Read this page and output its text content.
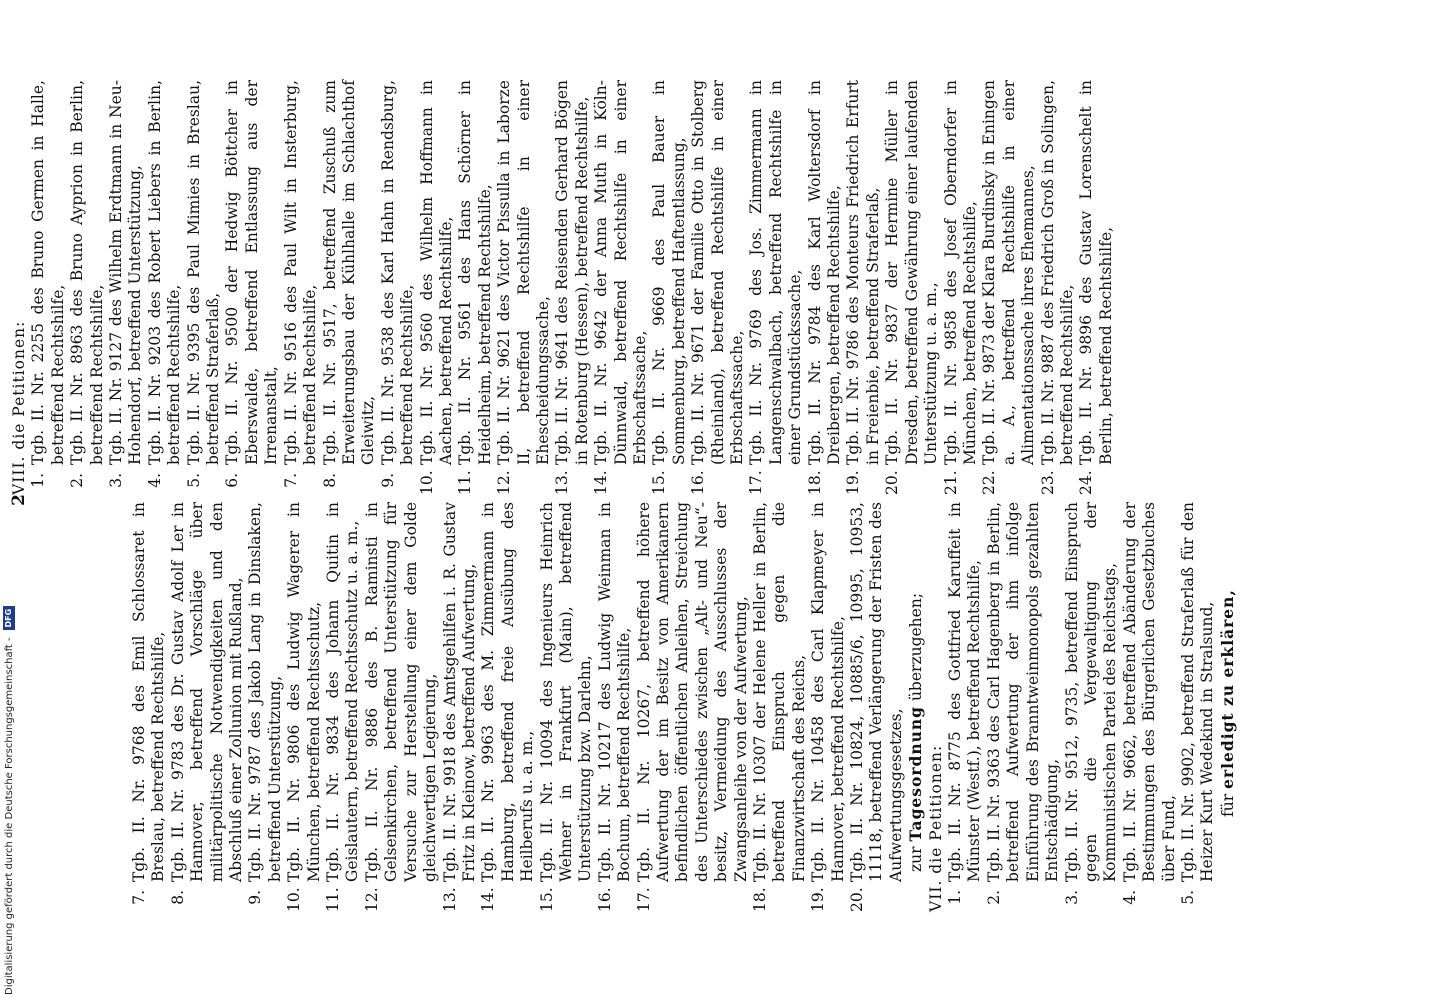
7.
Tgb. II. Nr. 9768 des Emil Schlossaret in Breslau, betreffend Rechtshilfe,

8.
Tgb. II. Nr. 9783 des Dr. Gustav Adolf Ler in Hannover, betreffend Vorschläge über militärpolitische Notwendigkeiten und den Abschluß einer Zollunion mit Rußland,

9.
Tgb. II. Nr. 9787 des Jakob Lang in Dinslaken, betreffend Unterstützung,

10.
Tgb. II. Nr. 9806 des Ludwig Wagerer in München, betreffend Rechtsschutz,

11.
Tgb. II. Nr. 9834 des Johann Quitin in Geislautern, betreffend Rechtsschutz u. a. m.,

12.
Tgb. II. Nr. 9886 des B. Raminsti in Gelsenkirchen, betreffend Unterstützung für Versuche zur Herstellung einer dem Golde gleichwertigen Legierung,

13.
Tgb. II. Nr. 9918 des Amtsgehilfen i. R. Gustav Fritz in Kleinow, betreffend Aufwertung,

14.
Tgb. II. Nr. 9963 des M. Zimmermann in Hamburg, betreffend freie Ausübung des Heilberufs u. a. m.,

15.
Tgb. II. Nr. 10094 des Ingenieurs Heinrich Wehner in Frankfurt (Main), betreffend Unterstützung bzw. Darlehn,

16.
Tgb. II. Nr. 10217 des Ludwig Weinman in Bochum, betreffend Rechtshilfe,

17.
Tgb. II. Nr. 10267, betreffend höhere Aufwertung der im Besitz von Amerikanern befindlichen öffentlichen Anleihen, Streichung des Unterschiedes zwischen „Alt- und Neu“-besitz, Vermeidung des Ausschlusses der Zwangsanleihe von der Aufwertung,

18.
Tgb. II. Nr. 10307 der Helene Heller in Berlin, betreffend Einspruch gegen die Finanzwirtschaft des Reichs,

19.
Tgb. II. Nr. 10458 des Carl Klapmeyer in Hannover, betreffend Rechtshilfe,

20.
Tgb. II. Nr. 10824, 10885/6, 10995, 10953, 11118, betreffend Verlängerung der Fristen des Aufwertungsgesetzes, zur Tagesordnung überzugehen;

VII. die Petitionen: 1.
Tgb. II. Nr. 8775 des Gottfried Karuffeit in Münster (Westf.), betreffend Rechtshilfe,

2.
Tgb. II. Nr. 9363 des Carl Hagenberg in Berlin, betreffend Aufwertung der ihm infolge Einführung des Branntweinmonopols gezahlten Entschädigung,

3.
Tgb. II. Nr. 9512, 9735, betreffend Einspruch gegen die Vergewaltigung der Kommunistischen Partei des Reichstags,

4.
Tgb. II. Nr. 9662, betreffend Abänderung der Bestimmungen des Bürgerlichen Gesetzbuches über Fund,

5.
Tgb. II. Nr. 9902, betreffend Straferlaß für den Heizer Kurt Wedekind in Stralsund, für erledigt zu erklären,

2

VIII. die Petitionen: 1.
Tgb. II. Nr. 2255 des Bruno Germen in Halle, betreffend Rechtshilfe,

2.
Tgb. II. Nr. 8963 des Bruno Ayprion in Berlin, betreffend Rechtshilfe,

3.
Tgb. II. Nr. 9127 des Wilhelm Erdtmann in Neu-Hohendorf, betreffend Unterstützung,

4.
Tgb. II. Nr. 9203 des Robert Liebers in Berlin, betreffend Rechtshilfe,

5.
Tgb. II. Nr. 9395 des Paul Mimies in Breslau, betreffend Straferlaß,

6.
Tgb. II. Nr. 9500 der Hedwig Böttcher in Eberswalde, betreffend Entlassung aus der Irrenanstalt,

7.
Tgb. II. Nr. 9516 des Paul Wilt in Insterburg, betreffend Rechtshilfe,

8.
Tgb. II. Nr. 9517, betreffend Zuschuß zum Erweiterungsbau der Kühlhalle im Schlachthof Gleiwitz,

9.
Tgb. II. Nr. 9538 des Karl Hahn in Rendsburg, betreffend Rechtshilfe,

10.
Tgb. II. Nr. 9560 des Wilhelm Hoffmann in Aachen, betreffend Rechtshilfe,

11.
Tgb. II. Nr. 9561 des Hans Schörner in Heidelheim, betreffend Rechtshilfe,

12.
Tgb. II. Nr. 9621 des Victor Pissulla in Laborze II, betreffend Rechtshilfe in einer Ehescheidungssache,

13.
Tgb. II. Nr. 9641 des Reisenden Gerhard Bögen in Rotenburg (Hessen), betreffend Rechtshilfe,

14.
Tgb. II. Nr. 9642 der Anna Muth in Köln-Dünnwald, betreffend Rechtshilfe in einer Erbschaftssache,

15.
Tgb. II. Nr. 9669 des Paul Bauer in Sommenburg, betreffend Haftentlassung,

16.
Tgb. II. Nr. 9671 der Familie Otto in Stolberg (Rheinland), betreffend Rechtshilfe in einer Erbschaftssache,

17.
Tgb. II. Nr. 9769 des Jos. Zimmermann in Langenschwalbach, betreffend Rechtshilfe in einer Grundstückssache,

18.
Tgb. II. Nr. 9784 des Karl Woltersdorf in Dreibergen, betreffend Rechtshilfe,

19.
Tgb. II. Nr. 9786 des Monteurs Friedrich Erfurt in Freienbie, betreffend Straferlaß,

20.
Tgb. II. Nr. 9837 der Hermine Müller in Dresden, betreffend Gewährung einer laufenden Unterstützung u. a. m.,

21.
Tgb. II. Nr. 9858 des Josef Oberndorfer in München, betreffend Rechtshilfe,

22.
Tgb. II. Nr. 9873 der Klara Burdinsky in Eningen a. A., betreffend Rechtshilfe in einer Alimentationssache ihres Ehemannes,

23.
Tgb. II. Nr. 9887 des Friedrich Groß in Solingen, betreffend Rechtshilfe,

24.
Tgb. II. Nr. 9896 des Gustav Lorenschelt in Berlin, betreffend Rechtshilfe,

Digitalisierung gefördert durch die Deutsche Forschungsgemeinschaft - DFG
